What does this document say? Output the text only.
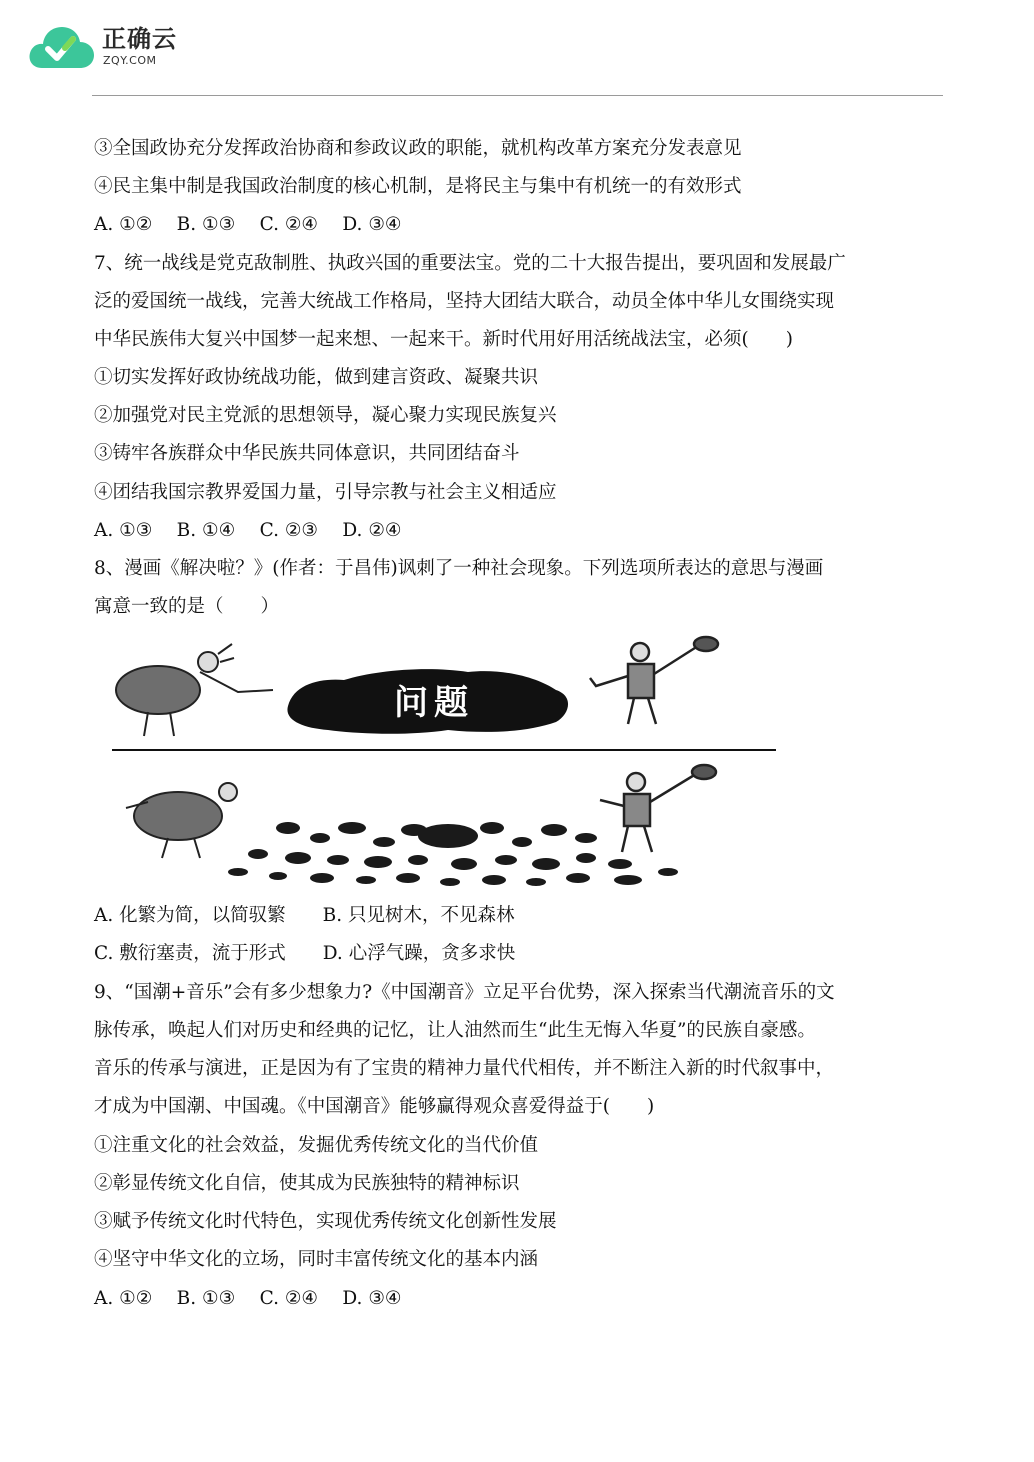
正确云
ZQY.COM
③全国政协充分发挥政治协商和参政议政的职能，就机构改革方案充分发表意见
④民主集中制是我国政治制度的核心机制，是将民主与集中有机统一的有效形式
A. ①②　 B. ①③　 C. ②④　 D. ③④
7、统一战线是党克敌制胜、执政兴国的重要法宝。党的二十大报告提出，要巩固和发展最广
泛的爱国统一战线，完善大统战工作格局，坚持大团结大联合，动员全体中华儿女围绕实现
中华民族伟大复兴中国梦一起来想、一起来干。新时代用好用活统战法宝，必须(　　)
①切实发挥好政协统战功能，做到建言资政、凝聚共识
②加强党对民主党派的思想领导，凝心聚力实现民族复兴
③铸牢各族群众中华民族共同体意识，共同团结奋斗
④团结我国宗教界爱国力量，引导宗教与社会主义相适应
A. ①③　 B. ①④　 C. ②③　 D. ②④
8、漫画《解决啦？》(作者：于昌伟)讽刺了一种社会现象。下列选项所表达的意思与漫画
寓意一致的是（　　）
问题
A. 化繁为简，以简驭繁　　B. 只见树木，不见森林
C. 敷衍塞责，流于形式　　D. 心浮气躁，贪多求快
9、“国潮+音乐”会有多少想象力?《中国潮音》立足平台优势，深入探索当代潮流音乐的文
脉传承，唤起人们对历史和经典的记忆，让人油然而生“此生无悔入华夏”的民族自豪感。
音乐的传承与演进，正是因为有了宝贵的精神力量代代相传，并不断注入新的时代叙事中，
才成为中国潮、中国魂。《中国潮音》能够赢得观众喜爱得益于(　　)
①注重文化的社会效益，发掘优秀传统文化的当代价值
②彰显传统文化自信，使其成为民族独特的精神标识
③赋予传统文化时代特色，实现优秀传统文化创新性发展
④坚守中华文化的立场，同时丰富传统文化的基本内涵
A. ①②　 B. ①③　 C. ②④　 D. ③④
